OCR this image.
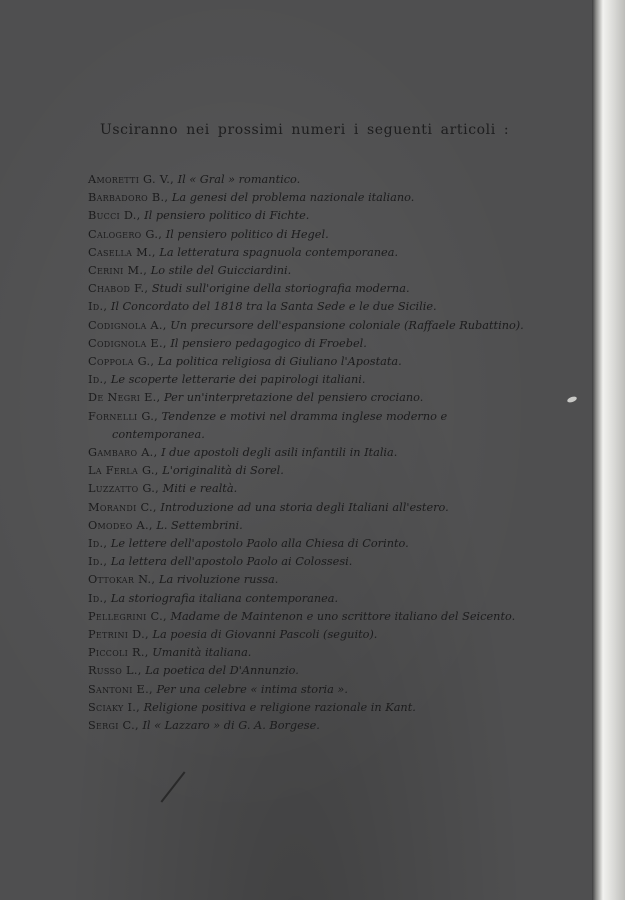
Usciranno nei prossimi numeri i seguenti articoli :
Amoretti G. V., Il « Gral » romantico.
Barbadoro B., La genesi del problema nazionale italiano.
Bucci D., Il pensiero politico di Fichte.
Calogero G., Il pensiero politico di Hegel.
Casella M., La letteratura spagnuola contemporanea.
Cerini M., Lo stile del Guicciardini.
Chabod F., Studi sull'origine della storiografia moderna.
Id., Il Concordato del 1818 tra la Santa Sede e le due Sicilie.
Codignola A., Un precursore dell'espansione coloniale (Raffaele Rubattino).
Codignola E., Il pensiero pedagogico di Froebel.
Coppola G., La politica religiosa di Giuliano l'Apostata.
Id., Le scoperte letterarie dei papirologi italiani.
De Negri E., Per un'interpretazione del pensiero crociano.
Fornelli G., Tendenze e motivi nel dramma inglese moderno e contemporanea.
Gambaro A., I due apostoli degli asili infantili in Italia.
La Ferla G., L'originalità di Sorel.
Luzzatto G., Miti e realtà.
Morandi C., Introduzione ad una storia degli Italiani all'estero.
Omodeo A., L. Settembrini.
Id., Le lettere dell'apostolo Paolo alla Chiesa di Corinto.
Id., La lettera dell'apostolo Paolo ai Colossesi.
Ottokar N., La rivoluzione russa.
Id., La storiografia italiana contemporanea.
Pellegrini C., Madame de Maintenon e uno scrittore italiano del Seicento.
Petrini D., La poesia di Giovanni Pascoli (seguito).
Piccoli R., Umanità italiana.
Russo L., La poetica del D'Annunzio.
Santoni E., Per una celebre « intima storia ».
Sciaky I., Religione positiva e religione razionale in Kant.
Sergi C., Il « Lazzaro » di G. A. Borgese.
